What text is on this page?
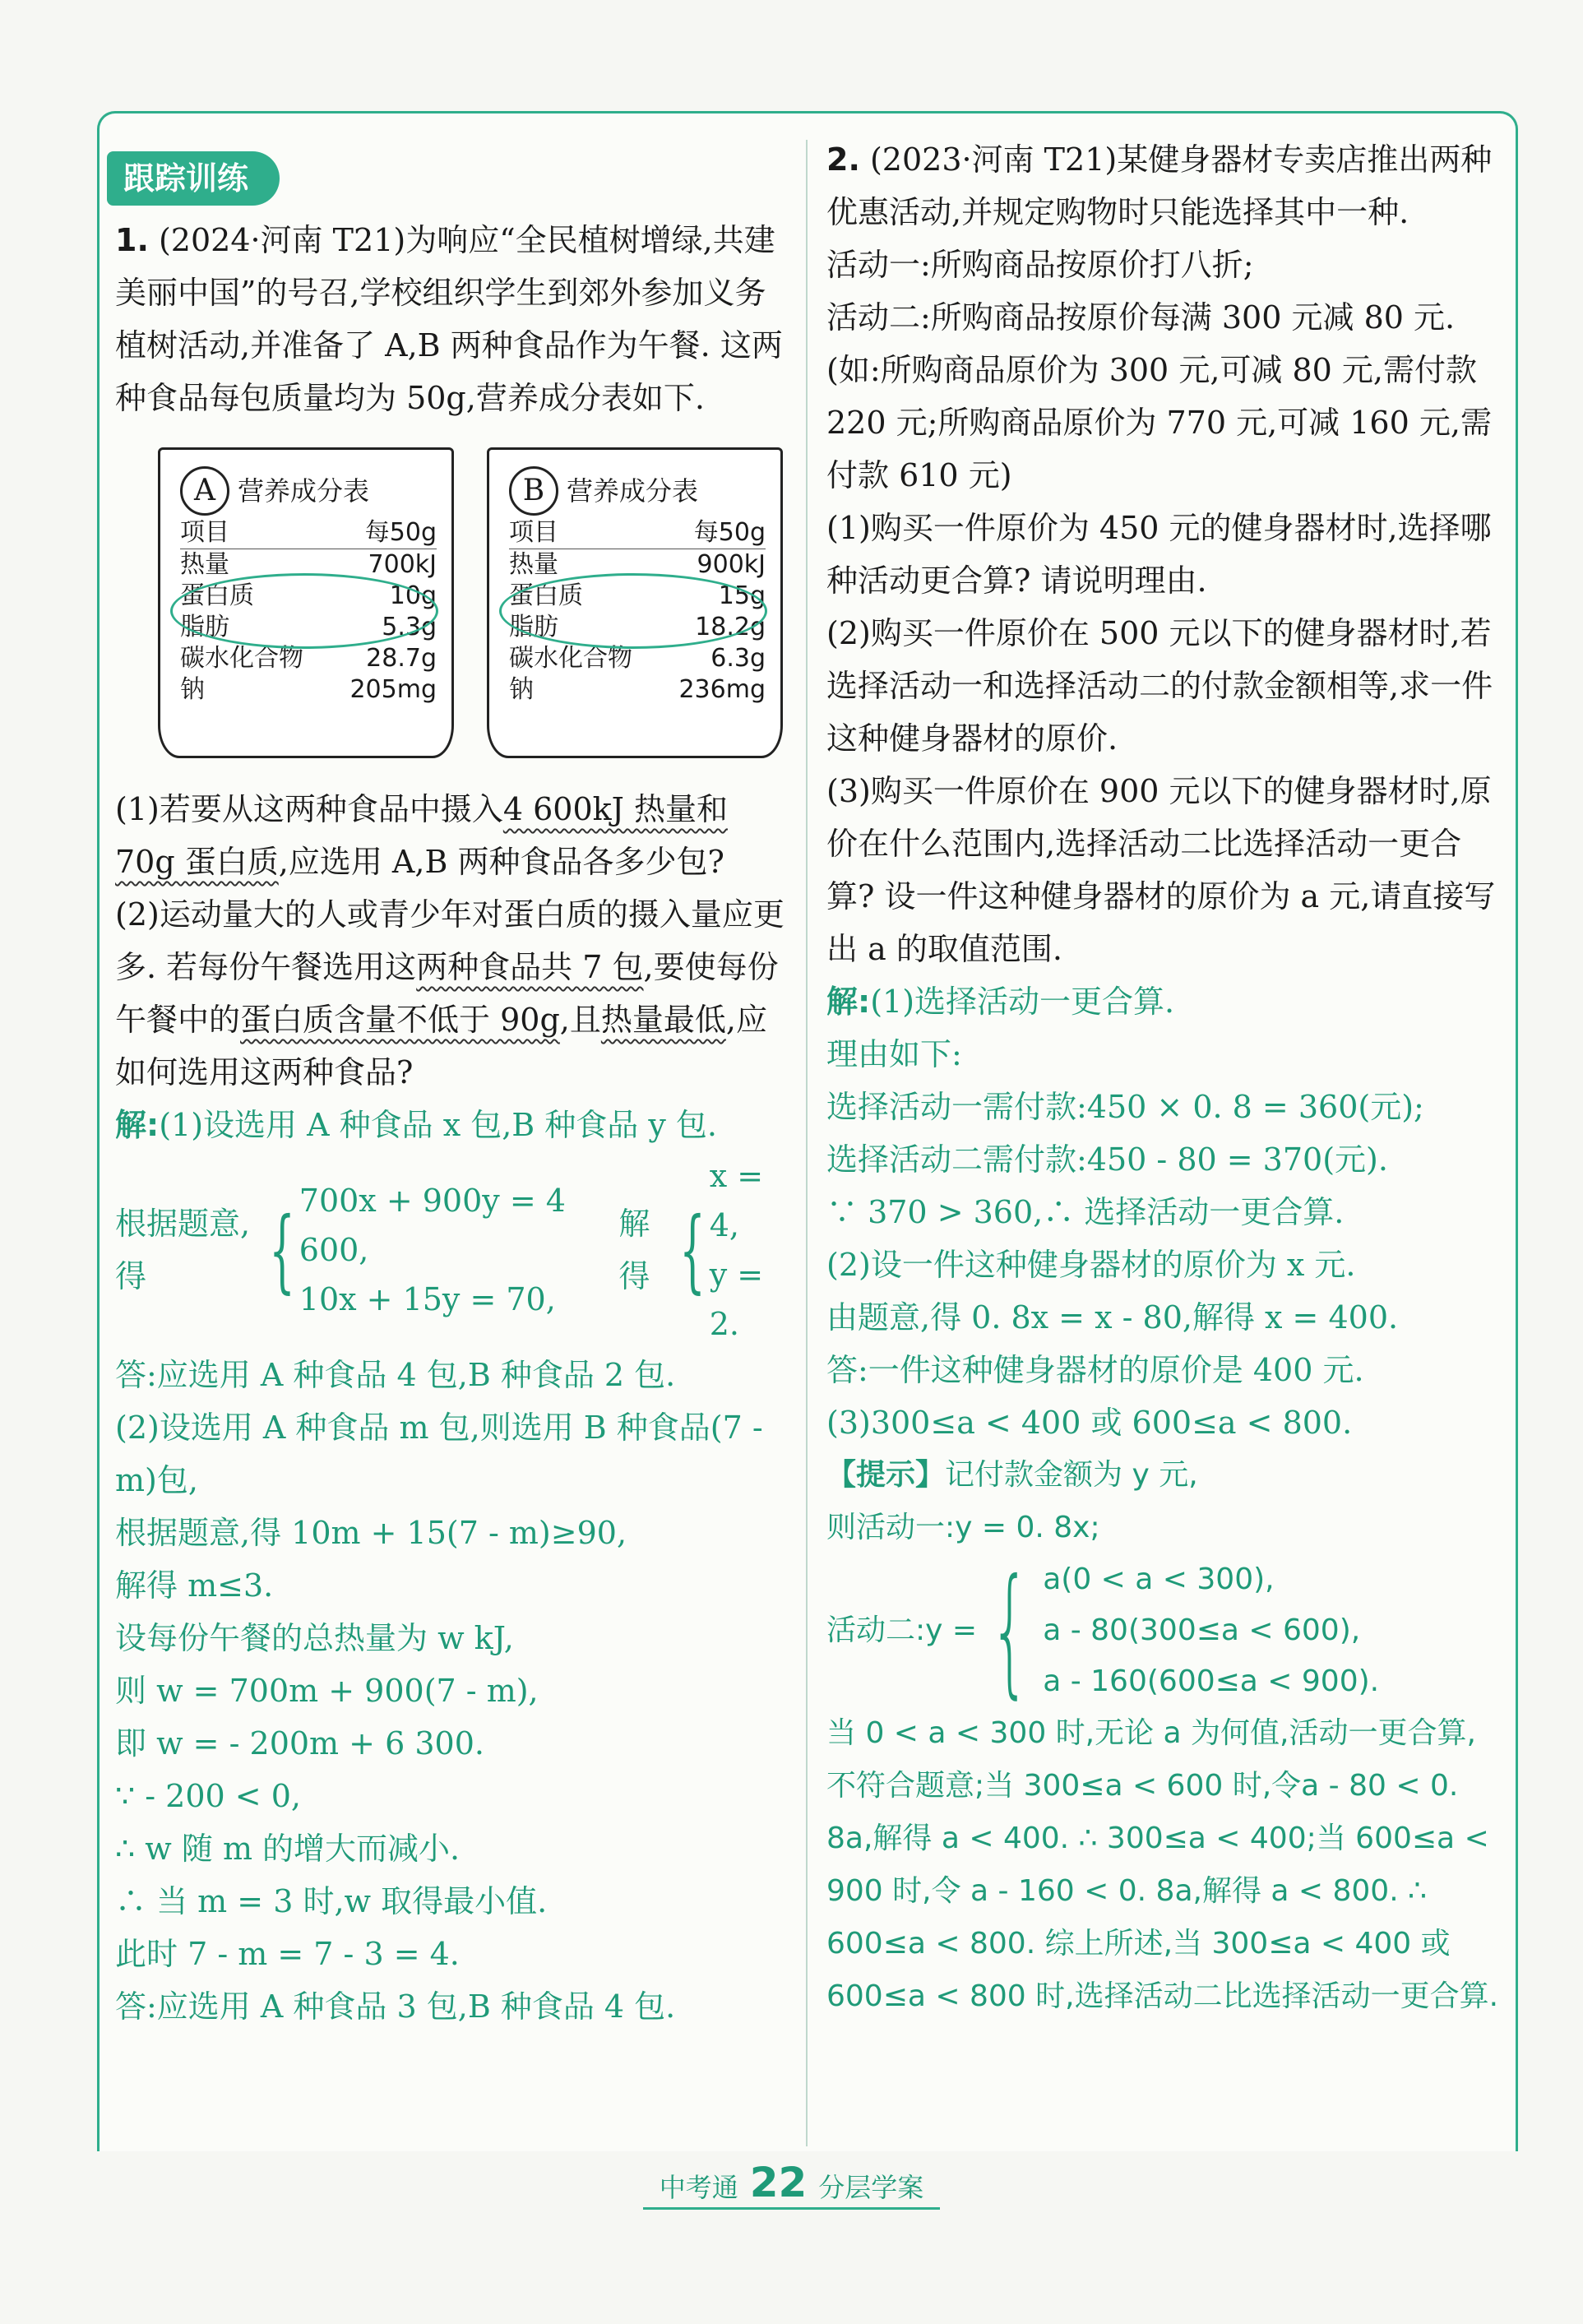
跟踪训练

1. (2024·河南 T21)为响应“全民植树增绿,共建美丽中国”的号召,学校组织学生到郊外参加义务植树活动,并准备了 A,B 两种食品作为午餐. 这两种食品每包质量均为 50g,营养成分表如下.

A 营养成分表
项目	每50g
热量	700kJ
蛋白质	10g
脂肪	5.3g
碳水化合物	28.7g
钠	205mg
B 营养成分表
项目	每50g
热量	900kJ
蛋白质	15g
脂肪	18.2g
碳水化合物	6.3g
钠	236mg

(1)若要从这两种食品中摄入4 600kJ 热量和 70g 蛋白质,应选用 A,B 两种食品各多少包?

(2)运动量大的人或青少年对蛋白质的摄入量应更多. 若每份午餐选用这两种食品共 7 包,要使每份午餐中的蛋白质含量不低于 90g,且热量最低,应如何选用这两种食品?

解:(1)设选用 A 种食品 x 包,B 种食品 y 包.

根据题意,得	{ 700x + 900y = 4 600,
10x + 15y = 70,
解得 {
x = 4,
y = 2.

答:应选用 A 种食品 4 包,B 种食品 2 包.

(2)设选用 A 种食品 m 包,则选用 B 种食品(7 - m)包,

根据题意,得 10m + 15(7 - m)≥90,

解得 m≤3.

设每份午餐的总热量为 w kJ,

则 w = 700m + 900(7 - m),

即 w = - 200m + 6 300.

∵ - 200 < 0,

∴ w 随 m 的增大而减小.

∴ 当 m = 3 时,w 取得最小值.

此时 7 - m = 7 - 3 = 4.

答:应选用 A 种食品 3 包,B 种食品 4 包.

2. (2023·河南 T21)某健身器材专卖店推出两种优惠活动,并规定购物时只能选择其中一种.

活动一:所购商品按原价打八折;

活动二:所购商品按原价每满 300 元减 80 元. (如:所购商品原价为 300 元,可减 80 元,需付款 220 元;所购商品原价为 770 元,可减 160 元,需付款 610 元)

(1)购买一件原价为 450 元的健身器材时,选择哪种活动更合算? 请说明理由.

(2)购买一件原价在 500 元以下的健身器材时,若选择活动一和选择活动二的付款金额相等,求一件这种健身器材的原价.

(3)购买一件原价在 900 元以下的健身器材时,原价在什么范围内,选择活动二比选择活动一更合算? 设一件这种健身器材的原价为 a 元,请直接写出 a 的取值范围.

解:(1)选择活动一更合算.

理由如下:

选择活动一需付款:450 × 0. 8 = 360(元);

选择活动二需付款:450 - 80 = 370(元).

∵ 370 > 360,∴ 选择活动一更合算.

(2)设一件这种健身器材的原价为 x 元.

由题意,得 0. 8x = x - 80,解得 x = 400.

答:一件这种健身器材的原价是 400 元.

(3)300≤a < 400 或 600≤a < 800.

【提示】记付款金额为 y 元,
则活动一:y = 0. 8x;
活动二:y = { a(0 < a < 300),
a - 80(300≤a < 600),
a - 160(600≤a < 900).
当 0 < a < 300 时,无论 a 为何值,活动一更合算,不符合题意;当 300≤a < 600 时,令a - 80 < 0. 8a,解得 a < 400. ∴ 300≤a < 400;当 600≤a < 900 时,令 a - 160 < 0. 8a,解得 a < 800. ∴ 600≤a < 800. 综上所述,当 300≤a < 400 或 600≤a < 800 时,选择活动二比选择活动一更合算.
中考通 22 分层学案
